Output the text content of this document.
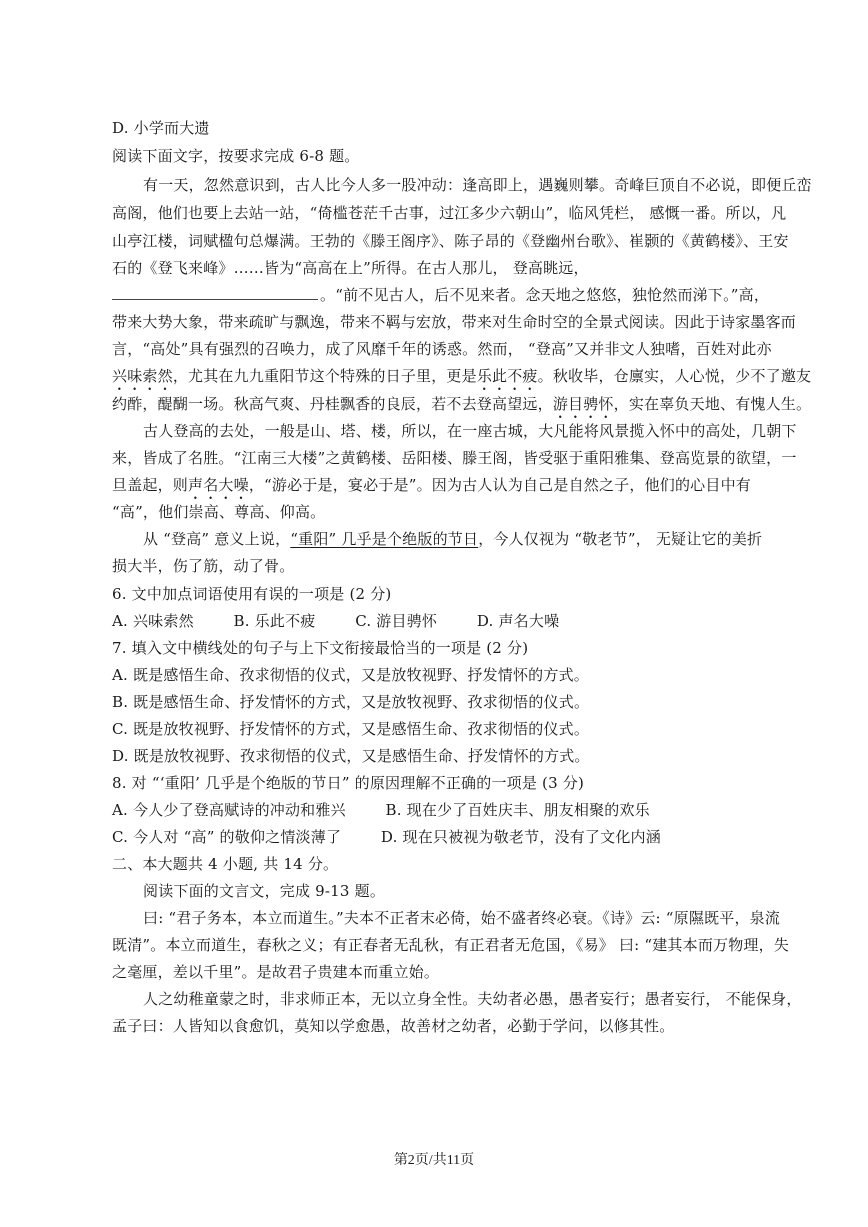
D. 小学而大遗
阅读下面文字，按要求完成 6-8 题。
有一天，忽然意识到，古人比今人多一股冲动：逢高即上，遇巍则攀。奇峰巨顶自不必说，即便丘峦
高阁，他们也要上去站一站，“倚槛苍茫千古事，过江多少六朝山”，临风凭栏， 感慨一番。所以，凡
山亭江楼，词赋楹句总爆满。王勃的《滕王阁序》、陈子昂的《登幽州台歌》、崔颢的《黄鹤楼》、王安
石的《登飞来峰》……皆为“高高在上”所得。在古人那儿， 登高眺远，
。“前不见古人，后不见来者。念天地之悠悠，独怆然而涕下。”高，
带来大势大象，带来疏旷与飘逸，带来不羁与宏放，带来对生命时空的全景式阅读。因此于诗家墨客而
言，“高处”具有强烈的召唤力，成了风靡千年的诱惑。然而， “登高”又并非文人独嗜，百姓对此亦
兴味索然，尤其在九九重阳节这个特殊的日子里，更是乐此不疲。秋收毕，仓廪实，人心悦，少不了邀友
约酢，醍醐一场。秋高气爽、丹桂飘香的良辰，若不去登高望远，游目骋怀，实在辜负天地、有愧人生。
古人登高的去处，一般是山、塔、楼，所以，在一座古城，大凡能将风景揽入怀中的高处，几朝下
来，皆成了名胜。“江南三大楼”之黄鹤楼、岳阳楼、滕王阁，皆受驱于重阳雅集、登高览景的欲望，一
旦盖起，则声名大噪，“游必于是，宴必于是”。因为古人认为自己是自然之子，他们的心目中有
“高”，他们崇高、尊高、仰高。
从 “登高” 意义上说，“重阳” 几乎是个绝版的节日，今人仅视为 “敬老节”， 无疑让它的美折
损大半，伤了筋，动了骨。
6. 文中加点词语使用有误的一项是 (2 分)
A. 兴味索然        B. 乐此不疲        C. 游目骋怀        D. 声名大噪
7. 填入文中横线处的句子与上下文衔接最恰当的一项是 (2 分)
A. 既是感悟生命、孜求彻悟的仪式，又是放牧视野、抒发情怀的方式。
B. 既是感悟生命、抒发情怀的方式，又是放牧视野、孜求彻悟的仪式。
C. 既是放牧视野、抒发情怀的方式，又是感悟生命、孜求彻悟的仪式。
D. 既是放牧视野、孜求彻悟的仪式，又是感悟生命、抒发情怀的方式。
8. 对 “‘重阳’ 几乎是个绝版的节日” 的原因理解不正确的一项是 (3 分)
A. 今人少了登高赋诗的冲动和雅兴        B. 现在少了百姓庆丰、朋友相聚的欢乐
C. 今人对 “高” 的敬仰之情淡薄了        D. 现在只被视为敬老节，没有了文化内涵
二、本大题共 4 小题, 共 14 分。
阅读下面的文言文，完成 9-13 题。
曰: “君子务本，本立而道生。”夫本不正者末必倚，始不盛者终必衰。《诗》云: “原隰既平，泉流
既清”。本立而道生，春秋之义；有正春者无乱秋，有正君者无危国，《易》 曰: “建其本而万物理，失
之毫厘，差以千里”。是故君子贵建本而重立始。
人之幼稚童蒙之时，非求师正本，无以立身全性。夫幼者必愚，愚者妄行；愚者妄行， 不能保身，
孟子曰：人皆知以食愈饥，莫知以学愈愚，故善材之幼者，必勤于学问，以修其性。
第2页/共11页
